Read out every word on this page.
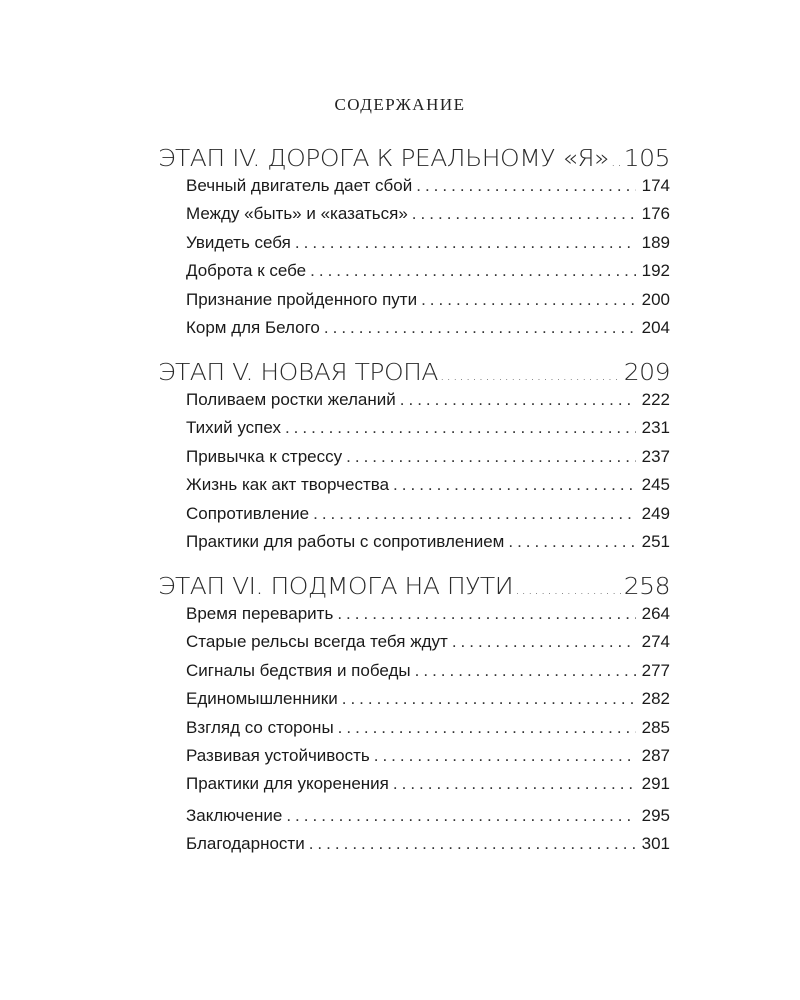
СОДЕРЖАНИЕ
ЭТАП IV. ДОРОГА К РЕАЛЬНОМУ «Я» ..... 105
Вечный двигатель дает сбой .....	174
Между «быть» и «казаться» .....	176
Увидеть себя .....	189
Доброта к себе .....	192
Признание пройденного пути .....	200
Корм для Белого .....	204
ЭТАП V. НОВАЯ ТРОПА .....	209
Поливаем ростки желаний .....	222
Тихий успех .....	231
Привычка к стрессу .....	237
Жизнь как акт творчества .....	245
Сопротивление .....	249
Практики для работы с сопротивлением .....	251
ЭТАП VI. ПОДМОГА НА ПУТИ .....	258
Время переварить .....	264
Старые рельсы всегда тебя ждут .....	274
Сигналы бедствия и победы .....	277
Единомышленники .....	282
Взгляд со стороны .....	285
Развивая устойчивость .....	287
Практики для укоренения .....	291
Заключение .....	295
Благодарности .....	301
